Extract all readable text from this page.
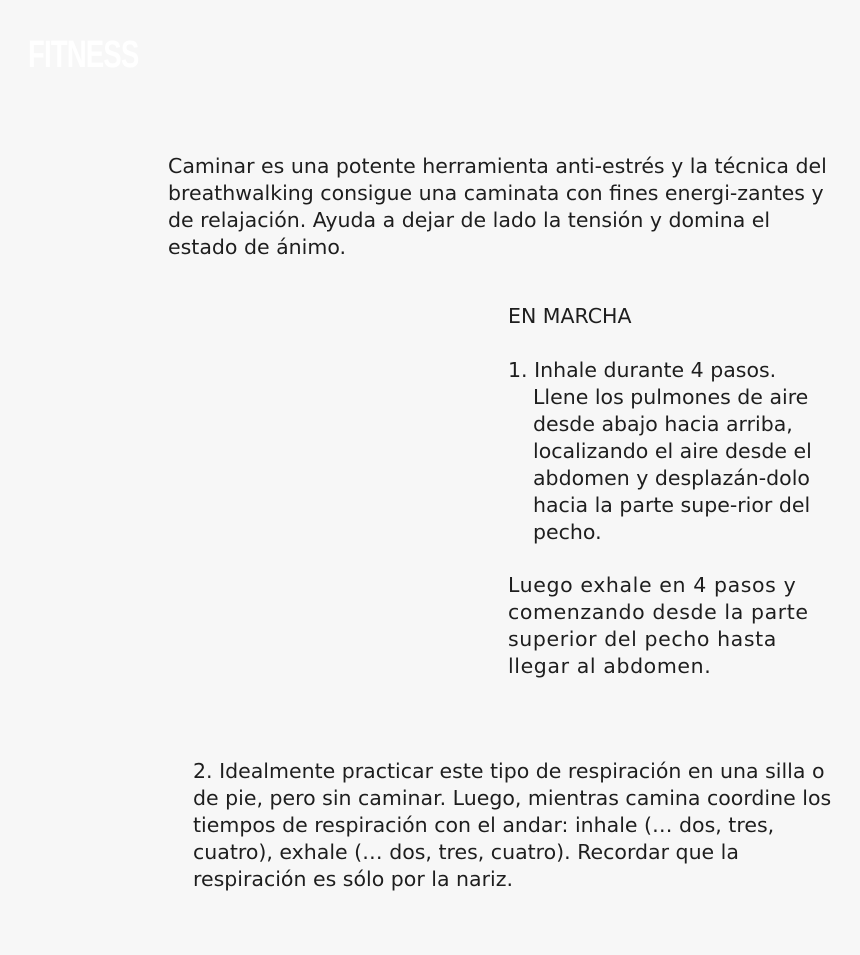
FITNESS

Caminar es una potente herramienta anti-estrés y la técnica del breathwalking consigue una caminata con fines energi-zantes y de relajación. Ayuda a dejar de lado la tensión y domina el estado de ánimo.

EN MARCHA

1. Inhale durante 4 pasos.
Llene los pulmones de aire desde abajo hacia arriba, localizando el aire desde el abdomen y desplazán-dolo hacia la parte supe-rior del pecho.

Luego exhale en 4 pasos y comenzando desde la parte superior del pecho hasta llegar al abdomen.

2. Idealmente practicar este tipo de respiración en una silla o de pie, pero sin caminar. Luego, mientras camina coordine los tiempos de respiración con el andar: inhale (… dos, tres, cuatro), exhale (… dos, tres, cuatro). Recordar que la respiración es sólo por la nariz.
